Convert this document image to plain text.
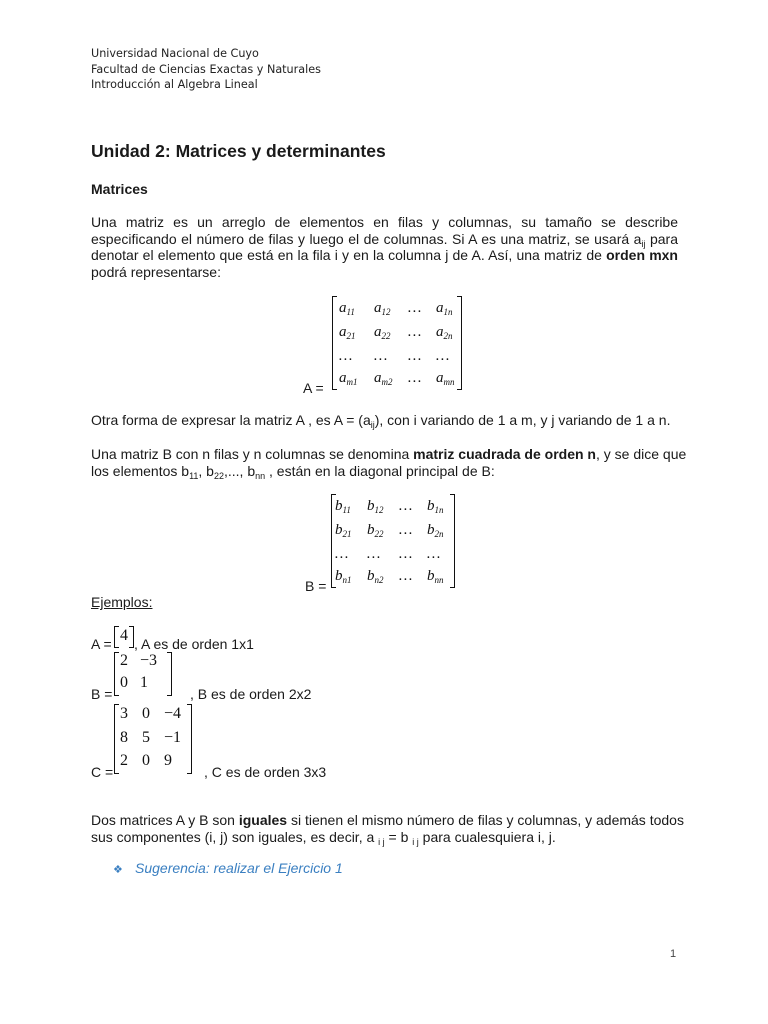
Universidad Nacional de Cuyo
Facultad de Ciencias Exactas y Naturales
Introducción al Algebra Lineal
Unidad 2: Matrices y determinantes
Matrices

Una matriz es un arreglo de elementos en filas y columnas, su tamaño se describe especificando el número de filas y luego el de columnas. Si A es una matriz, se usará $a_{ij}$ para denotar el elemento que está en la fila i y en la columna j de A. Así, una matriz de orden mxn podrá representarse:

A =
$a_{11}$ $a_{12}$ … $a_{1n}$
$a_{21}$ $a_{22}$ … $a_{2n}$
… … … …
$a_{m1}$ $a_{m2}$ … $a_{mn}$

Otra forma de expresar la matriz A , es $A = (a_{ij})$, con i variando de 1 a m, y j variando de 1 a n.

Una matriz B con n filas y n columnas se denomina matriz cuadrada de orden n, y se dice que los elementos $b_{11}$, $b_{22}$,..., $b_{nn}$ , están en la diagonal principal de B:

B =
$b_{11}$ $b_{12}$ … $b_{1n}$
$b_{21}$ $b_{22}$ … $b_{2n}$
… … … …
$b_{n1}$ $b_{n2}$ … $b_{nn}$

Ejemplos:

A = 4 , A es de orden 1x1
B =
2 −3
0 1
, B es de orden 2x2
C =
3 0 −4
8 5 −1
2 0 9
, C es de orden 3x3

Dos matrices A y B son iguales si tienen el mismo número de filas y columnas, y además todos sus componentes (i, j) son iguales, es decir, a $_{i j}$ = b $_{i j}$ para cualesquiera i, j.

❖ Sugerencia: realizar el Ejercicio 1
1
